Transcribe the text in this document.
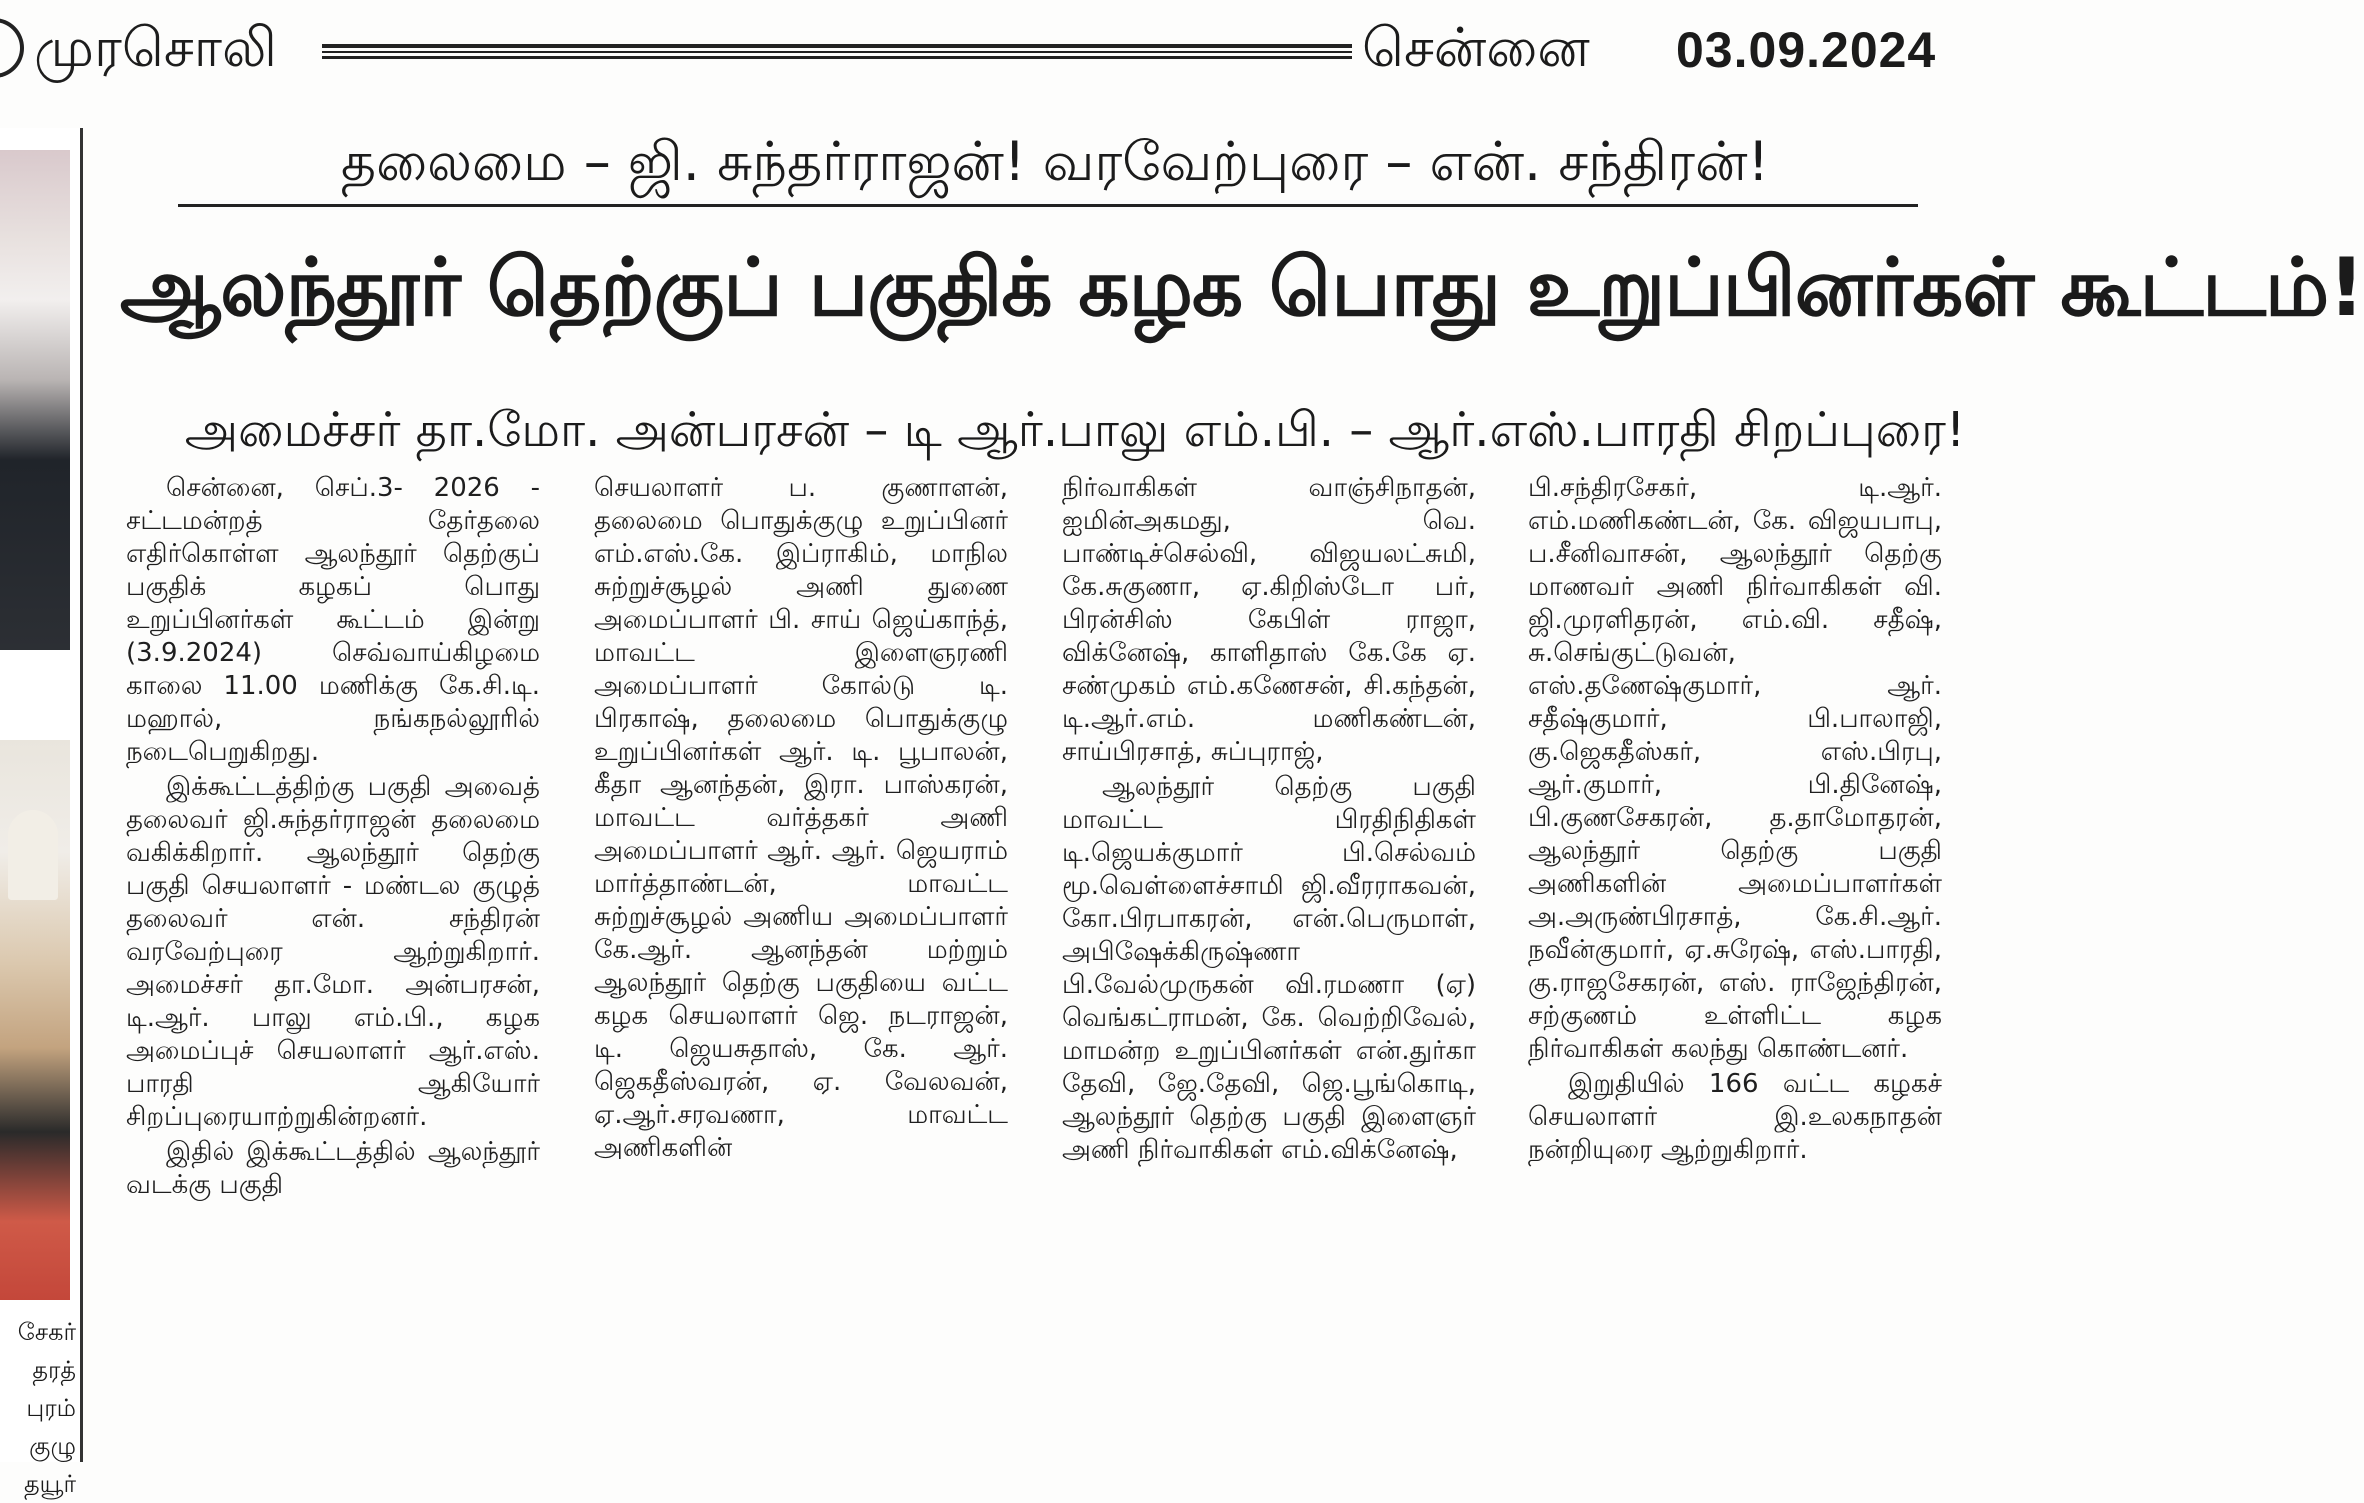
முரசொலி	சென்னை 03.09.2024
சேகர்
தரத்
புரம்
குழு
தயூர்
தலைமை – ஜி. சுந்தர்ராஜன்! வரவேற்புரை – என். சந்திரன்!
ஆலந்தூர் தெற்குப் பகுதிக் கழக பொது உறுப்பினர்கள் கூட்டம்!
அமைச்சர் தா.மோ. அன்பரசன் – டி ஆர்.பாலு எம்.பி. – ஆர்.எஸ்.பாரதி சிறப்புரை!

சென்னை, செப்.3- 2026 - சட்டமன்றத் தேர்தலை எதிர்கொள்ள ஆலந்தூர் தெற்குப் பகுதிக் கழகப் பொது உறுப்பினர்கள் கூட்டம் இன்று (3.9.2024) செவ்வாய்கிழமை காலை 11.00 மணிக்கு கே.சி.டி. மஹால், நங்கநல்லூரில் நடைபெறுகிறது.

இக்கூட்டத்திற்கு பகுதி அவைத் தலைவர் ஜி.சுந்தர்ராஜன் தலைமை வகிக்கிறார். ஆலந்தூர் தெற்கு பகுதி செயலாளர் - மண்டல குழுத் தலைவர் என். சந்திரன் வரவேற்புரை ஆற்றுகிறார். அமைச்சர் தா.மோ. அன்பரசன், டி.ஆர். பாலு எம்.பி., கழக அமைப்புச் செயலாளர் ஆர்.எஸ். பாரதி ஆகியோர் சிறப்புரையாற்றுகின்றனர்.

இதில் இக்கூட்டத்தில் ஆலந்தூர் வடக்கு பகுதி

செயலாளர் ப. குணாளன், தலைமை பொதுக்குழு உறுப்பினர் எம்.எஸ்.கே. இப்ராகிம், மாநில சுற்றுச்சூழல் அணி துணை அமைப்பாளர் பி. சாய் ஜெய்காந்த், மாவட்ட இளைஞரணி அமைப்பாளர் கோல்டு டி. பிரகாஷ், தலைமை பொதுக்குழு உறுப்பினர்கள் ஆர். டி. பூபாலன், கீதா ஆனந்தன், இரா. பாஸ்கரன், மாவட்ட வர்த்தகர் அணி அமைப்பாளர் ஆர். ஆர். ஜெயராம் மார்த்தாண்டன், மாவட்ட சுற்றுச்சூழல் அணிய அமைப்பாளர் கே.ஆர். ஆனந்தன் மற்றும் ஆலந்தூர் தெற்கு பகுதியை வட்ட கழக செயலாளர் ஜெ. நடராஜன், டி. ஜெயசுதாஸ், கே. ஆர். ஜெகதீஸ்வரன், ஏ. வேலவன், ஏ.ஆர்.சரவணா, மாவட்ட அணிகளின்

நிர்வாகிகள் வாஞ்சிநாதன், ஐமின்அகமது, வெ. பாண்டிச்செல்வி, விஜயலட்சுமி, கே.சுகுணா, ஏ.கிறிஸ்டோ பர், பிரன்சிஸ் கேபிள் ராஜா, விக்னேஷ், காளிதாஸ் கே.கே ஏ. சண்முகம் எம்.கணேசன், சி.கந்தன், டி.ஆர்.எம். மணிகண்டன், சாய்பிரசாத், சுப்புராஜ்,

ஆலந்தூர் தெற்கு பகுதி மாவட்ட பிரதிநிதிகள் டி.ஜெயக்குமார் பி.செல்வம் மூ.வெள்ளைச்சாமி ஜி.வீரராகவன், கோ.பிரபாகரன், என்.பெருமாள், அபிஷேக்கிருஷ்ணா பி.வேல்முருகன் வி.ரமணா (ஏ) வெங்கட்ராமன், கே. வெற்றிவேல், மாமன்ற உறுப்பினர்கள் என்.துர்கா தேவி, ஜே.தேவி, ஜெ.பூங்கொடி, ஆலந்தூர் தெற்கு பகுதி இளைஞர் அணி நிர்வாகிகள் எம்.விக்னேஷ்,

பி.சந்திரசேகர், டி.ஆர். எம்.மணிகண்டன், கே. விஜயபாபு, ப.சீனிவாசன், ஆலந்தூர் தெற்கு மாணவர் அணி நிர்வாகிகள் வி. ஜி.முரளிதரன், எம்.வி. சதீஷ், சு.செங்குட்டுவன், எஸ்.தணேஷ்குமார், ஆர். சதீஷ்குமார், பி.பாலாஜி, கு.ஜெகதீஸ்கர், எஸ்.பிரபு, ஆர்.குமார், பி.தினேஷ், பி.குணசேகரன், த.தாமோதரன், ஆலந்தூர் தெற்கு பகுதி அணிகளின் அமைப்பாளர்கள் அ.அருண்பிரசாத், கே.சி.ஆர். நவீன்குமார், ஏ.சுரேஷ், எஸ்.பாரதி, கு.ராஜசேகரன், எஸ். ராஜேந்திரன், சற்குணம் உள்ளிட்ட கழக நிர்வாகிகள் கலந்து கொண்டனர்.

இறுதியில் 166 வட்ட கழகச் செயலாளர் இ.உலகநாதன் நன்றியுரை ஆற்றுகிறார்.
